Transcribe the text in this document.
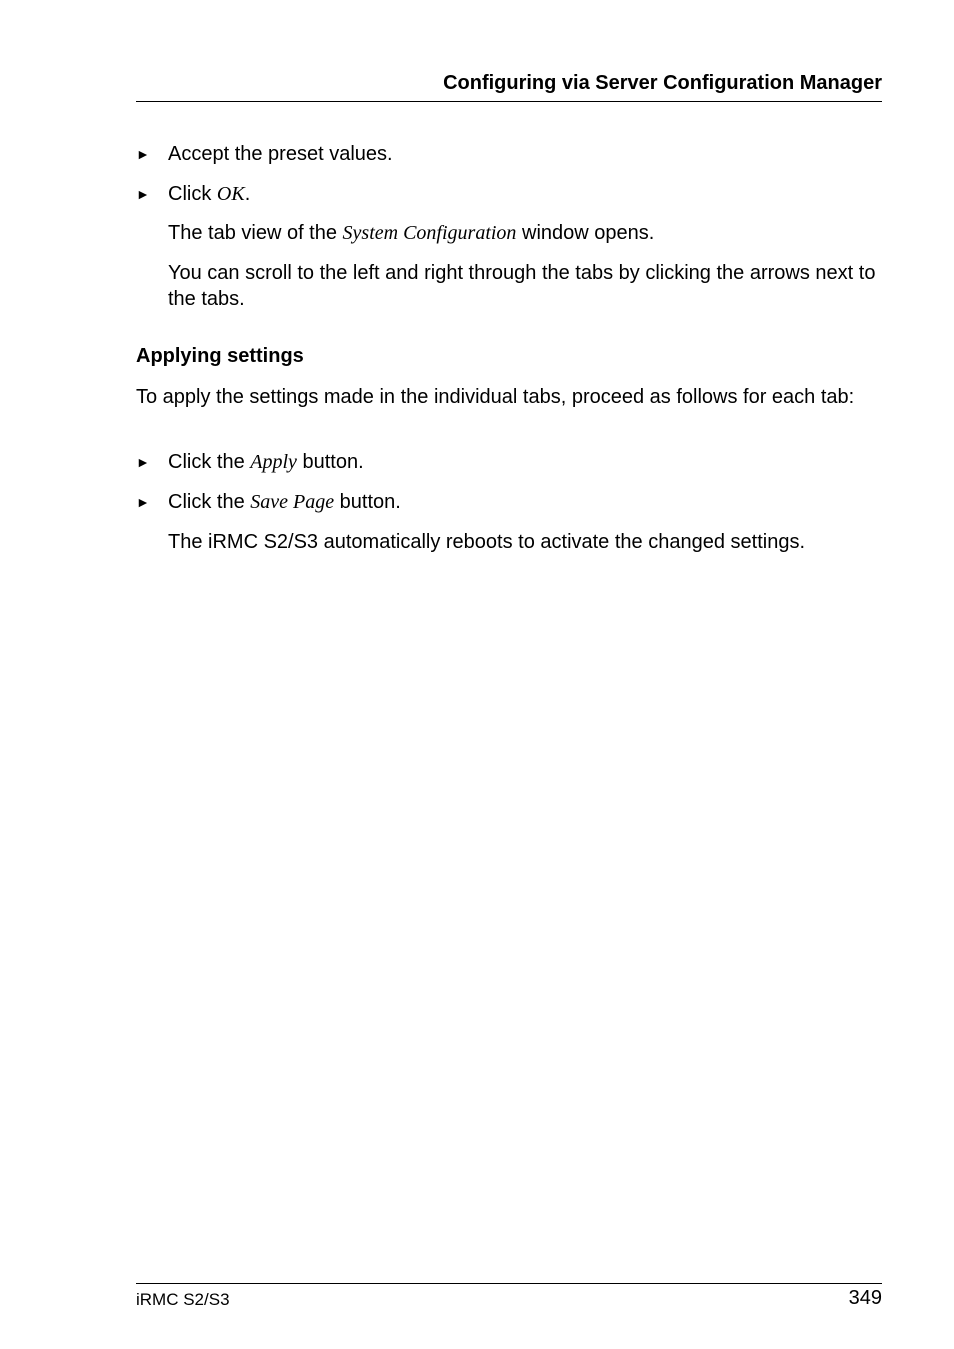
Configuring via Server Configuration Manager
► Accept the preset values.
► Click OK.
The tab view of the System Configuration window opens.
You can scroll to the left and right through the tabs by clicking the arrows next to the tabs.
Applying settings
To apply the settings made in the individual tabs, proceed as follows for each tab:
► Click the Apply button.
► Click the Save Page button.
The iRMC S2/S3 automatically reboots to activate the changed settings.
iRMC S2/S3	349
